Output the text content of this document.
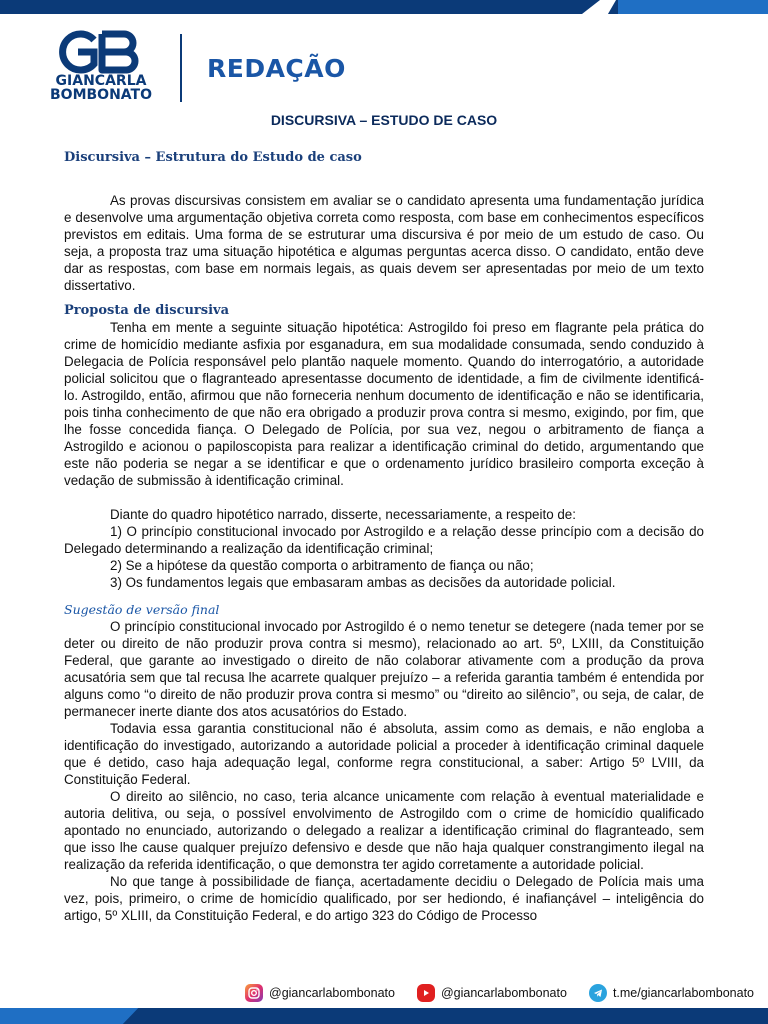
GIANCARLA
BOMBONATO
REDAÇÃO
DISCURSIVA – ESTUDO DE CASO
Discursiva – Estrutura do Estudo de caso

As provas discursivas consistem em avaliar se o candidato apresenta uma fundamentação jurídica e desenvolve uma argumentação objetiva correta como resposta, com base em conhecimentos específicos previstos em editais. Uma forma de se estruturar uma discursiva é por meio de um estudo de caso. Ou seja, a proposta traz uma situação hipotética e algumas perguntas acerca disso. O candidato, então deve dar as respostas, com base em normais legais, as quais devem ser apresentadas por meio de um texto dissertativo.

Proposta de discursiva

Tenha em mente a seguinte situação hipotética: Astrogildo foi preso em flagrante pela prática do crime de homicídio mediante asfixia por esganadura, em sua modalidade consumada, sendo conduzido à Delegacia de Polícia responsável pelo plantão naquele momento. Quando do interrogatório, a autoridade policial solicitou que o flagranteado apresentasse documento de identidade, a fim de civilmente identificá-lo. Astrogildo, então, afirmou que não forneceria nenhum documento de identificação e não se identificaria, pois tinha conhecimento de que não era obrigado a produzir prova contra si mesmo, exigindo, por fim, que lhe fosse concedida fiança. O Delegado de Polícia, por sua vez, negou o arbitramento de fiança a Astrogildo e acionou o papiloscopista para realizar a identificação criminal do detido, argumentando que este não poderia se negar a se identificar e que o ordenamento jurídico brasileiro comporta exceção à vedação de submissão à identificação criminal.

Diante do quadro hipotético narrado, disserte, necessariamente, a respeito de:

1) O princípio constitucional invocado por Astrogildo e a relação desse princípio com a decisão do Delegado determinando a realização da identificação criminal;

2) Se a hipótese da questão comporta o arbitramento de fiança ou não;

3) Os fundamentos legais que embasaram ambas as decisões da autoridade policial.

Sugestão de versão final

O princípio constitucional invocado por Astrogildo é o nemo tenetur se detegere (nada temer por se deter ou direito de não produzir prova contra si mesmo), relacionado ao art. 5º, LXIII, da Constituição Federal, que garante ao investigado o direito de não colaborar ativamente com a produção da prova acusatória sem que tal recusa lhe acarrete qualquer prejuízo – a referida garantia também é entendida por alguns como “o direito de não produzir prova contra si mesmo” ou “direito ao silêncio”, ou seja, de calar, de permanecer inerte diante dos atos acusatórios do Estado.

Todavia essa garantia constitucional não é absoluta, assim como as demais, e não engloba a identificação do investigado, autorizando a autoridade policial a proceder à identificação criminal daquele que é detido, caso haja adequação legal, conforme regra constitucional, a saber: Artigo 5º LVIII, da Constituição Federal.

O direito ao silêncio, no caso, teria alcance unicamente com relação à eventual materialidade e autoria delitiva, ou seja, o possível envolvimento de Astrogildo com o crime de homicídio qualificado apontado no enunciado, autorizando o delegado a realizar a identificação criminal do flagranteado, sem que isso lhe cause qualquer prejuízo defensivo e desde que não haja qualquer constrangimento ilegal na realização da referida identificação, o que demonstra ter agido corretamente a autoridade policial.

No que tange à possibilidade de fiança, acertadamente decidiu o Delegado de Polícia mais uma vez, pois, primeiro, o crime de homicídio qualificado, por ser hediondo, é inafiançável – inteligência do artigo, 5º XLIII, da Constituição Federal, e do artigo 323 do Código de Processo

@giancarlabombonato	@giancarlabombonato	t.me/giancarlabombonato
